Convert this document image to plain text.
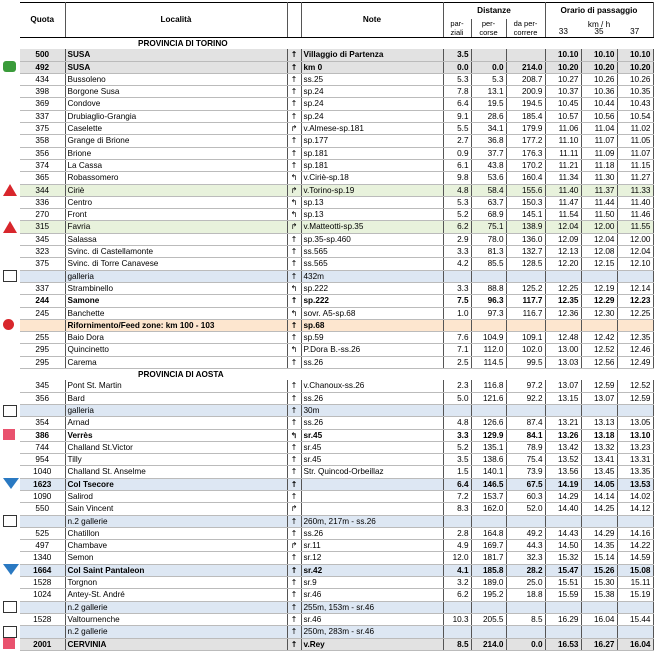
Quota	Località		Note	Distanze			Orario di passaggio		
				par- ziali	per- corse	da per- correre	km / h
33 35 37		

PROVINCIA DI TORINO									
500	SUSA	↑	Villaggio di Partenza	3.5			10.10	10.10	10.10
492	SUSA	↑	km 0	0.0	0.0	214.0	10.20	10.20	10.20
434	Bussoleno	↑	ss.25	5.3	5.3	208.7	10.27	10.26	10.26
398	Borgone Susa	↑	sp.24	7.8	13.1	200.9	10.37	10.36	10.35
369	Condove	↑	sp.24	6.4	19.5	194.5	10.45	10.44	10.43
337	Drubiaglio-Grangia	↑	sp.24	9.1	28.6	185.4	10.57	10.56	10.54
375	Caselette	↱	v.Almese-sp.181	5.5	34.1	179.9	11.06	11.04	11.02
358	Grange di Brione	↑	sp.177	2.7	36.8	177.2	11.10	11.07	11.05
356	Brione	↑	sp.181	0.9	37.7	176.3	11.11	11.09	11.07
374	La Cassa	↑	sp.181	6.1	43.8	170.2	11.21	11.18	11.15
365	Robassomero	↰	v.Ciriè-sp.18	9.8	53.6	160.4	11.34	11.30	11.27
344	Ciriè	↱	v.Torino-sp.19	4.8	58.4	155.6	11.40	11.37	11.33
336	Centro	↰	sp.13	5.3	63.7	150.3	11.47	11.44	11.40
270	Front	↰	sp.13	5.2	68.9	145.1	11.54	11.50	11.46
315	Favria	↱	v.Matteotti-sp.35	6.2	75.1	138.9	12.04	12.00	11.55
345	Salassa	↑	sp.35-sp.460	2.9	78.0	136.0	12.09	12.04	12.00
323	Svinc. di Castellamonte	↑	ss.565	3.3	81.3	132.7	12.13	12.08	12.04
375	Svinc. di Torre Canavese	↑	ss.565	4.2	85.5	128.5	12.20	12.15	12.10
	galleria	↑	432m						
337	Strambinello	↰	sp.222	3.3	88.8	125.2	12.25	12.19	12.14
244	Samone	↑	sp.222	7.5	96.3	117.7	12.35	12.29	12.23
245	Banchette	↰	sovr. A5-sp.68	1.0	97.3	116.7	12.36	12.30	12.25
	Rifornimento/Feed zone: km 100 - 103	↑	sp.68						
255	Baio Dora	↑	sp.59	7.6	104.9	109.1	12.48	12.42	12.35
295	Quincinetto	↰	P.Dora B.-ss.26	7.1	112.0	102.0	13.00	12.52	12.46
295	Carema	↑	ss.26	2.5	114.5	99.5	13.03	12.56	12.49
PROVINCIA DI AOSTA									
345	Pont St. Martin	↑	v.Chanoux-ss.26	2.3	116.8	97.2	13.07	12.59	12.52
356	Bard	↑	ss.26	5.0	121.6	92.2	13.15	13.07	12.59
	galleria	↑	30m						
354	Arnad	↑	ss.26	4.8	126.6	87.4	13.21	13.13	13.05
386	Verrès	↰	sr.45	3.3	129.9	84.1	13.26	13.18	13.10
744	Challand St.Victor	↑	sr.45	5.2	135.1	78.9	13.42	13.32	13.23
954	Tilly	↑	sr.45	3.5	138.6	75.4	13.52	13.41	13.31
1040	Challand St. Anselme	↑	Str. Quincod-Orbeillaz	1.5	140.1	73.9	13.56	13.45	13.35
1623	Col Tsecore	↑		6.4	146.5	67.5	14.19	14.05	13.53
1090	Salirod	↑		7.2	153.7	60.3	14.29	14.14	14.02
550	Sain Vincent	↱		8.3	162.0	52.0	14.40	14.25	14.12
	n.2 gallerie	↑	260m, 217m - ss.26						
525	Chatillon	↑	ss.26	2.8	164.8	49.2	14.43	14.29	14.16
497	Chambave	↱	sr.11	4.9	169.7	44.3	14.50	14.35	14.22
1340	Semon	↑	sr.12	12.0	181.7	32.3	15.32	15.14	14.59
1664	Col Saint Pantaleon	↑	sr.42	4.1	185.8	28.2	15.47	15.26	15.08
1528	Torgnon	↑	sr.9	3.2	189.0	25.0	15.51	15.30	15.11
1024	Antey-St. André	↑	sr.46	6.2	195.2	18.8	15.59	15.38	15.19
	n.2 gallerie	↑	255m, 153m - sr.46						
1528	Valtournenche	↑	sr.46	10.3	205.5	8.5	16.29	16.04	15.44
	n.2 gallerie	↑	250m, 283m - sr.46						
2001	CERVINIA	↑	v.Rey	8.5	214.0	0.0	16.53	16.27	16.04
